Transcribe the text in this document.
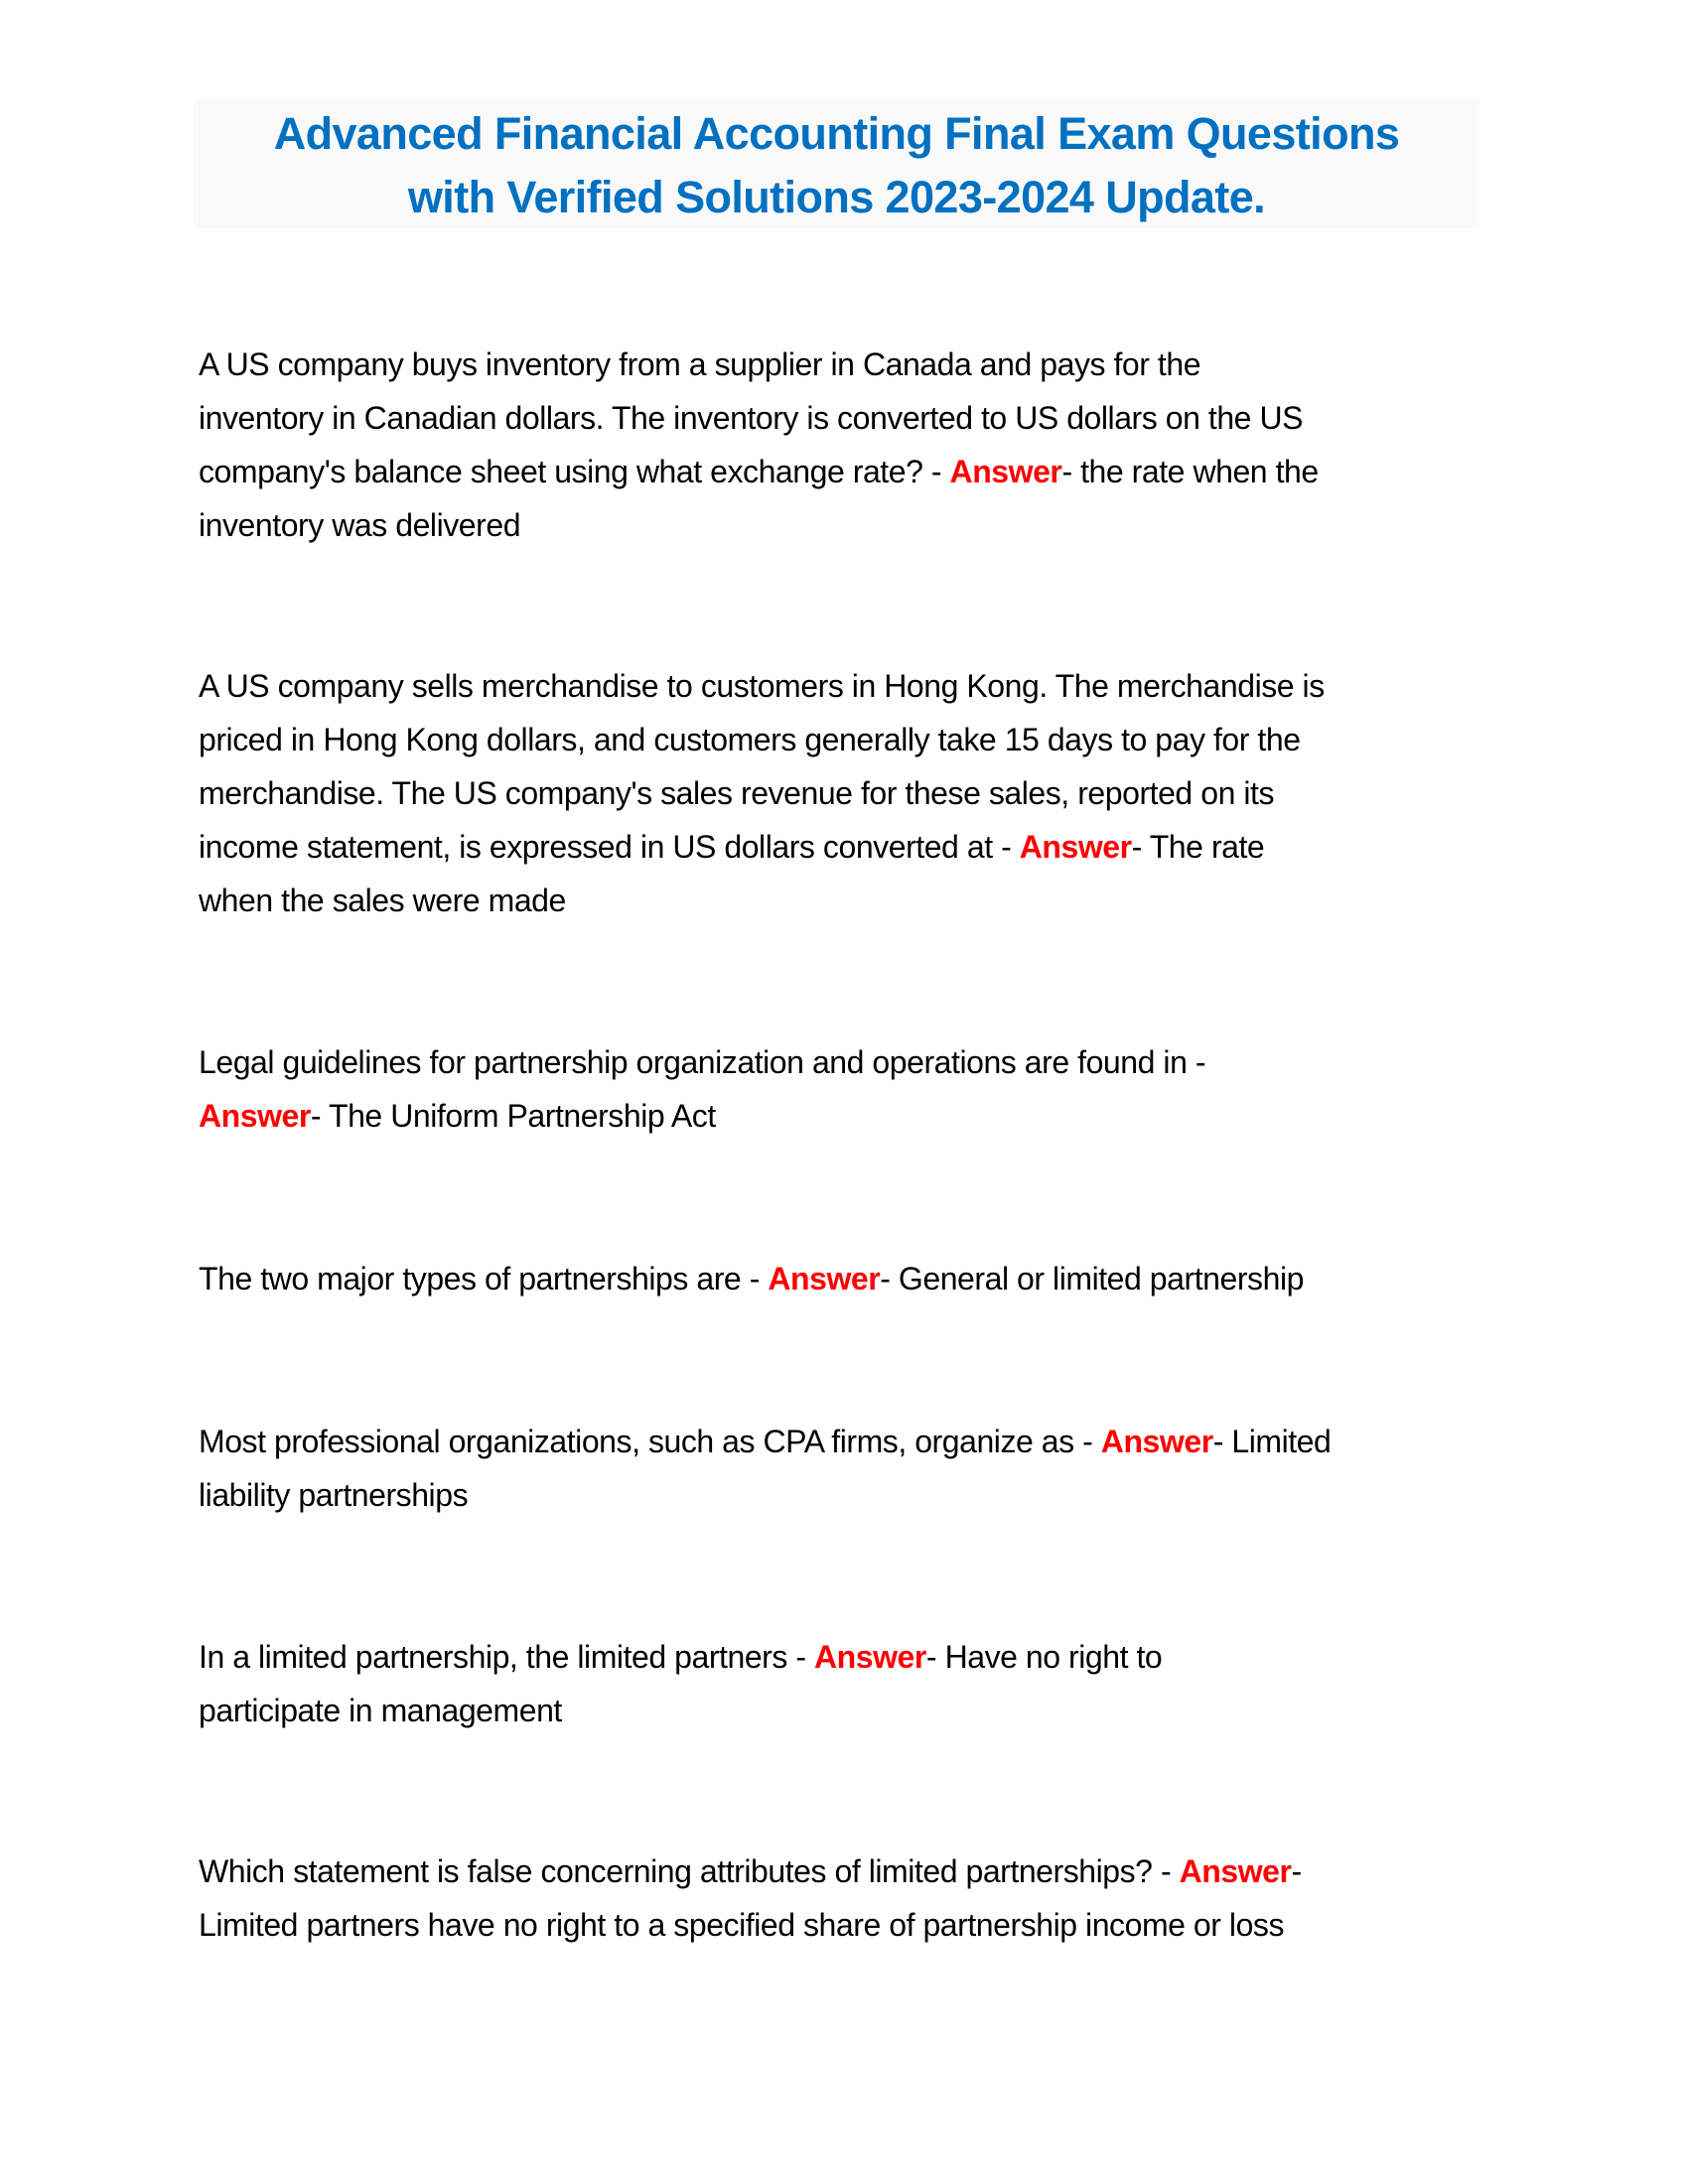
Advanced Financial Accounting Final Exam Questions
with Verified Solutions 2023-2024 Update.
A US company buys inventory from a supplier in Canada and pays for the
inventory in Canadian dollars. The inventory is converted to US dollars on the US
company's balance sheet using what exchange rate? - Answer- the rate when the
inventory was delivered
A US company sells merchandise to customers in Hong Kong. The merchandise is
priced in Hong Kong dollars, and customers generally take 15 days to pay for the
merchandise. The US company's sales revenue for these sales, reported on its
income statement, is expressed in US dollars converted at - Answer- The rate
when the sales were made
Legal guidelines for partnership organization and operations are found in -
Answer- The Uniform Partnership Act
The two major types of partnerships are - Answer- General or limited partnership
Most professional organizations, such as CPA firms, organize as - Answer- Limited
liability partnerships
In a limited partnership, the limited partners - Answer- Have no right to
participate in management
Which statement is false concerning attributes of limited partnerships? - Answer-
Limited partners have no right to a specified share of partnership income or loss
